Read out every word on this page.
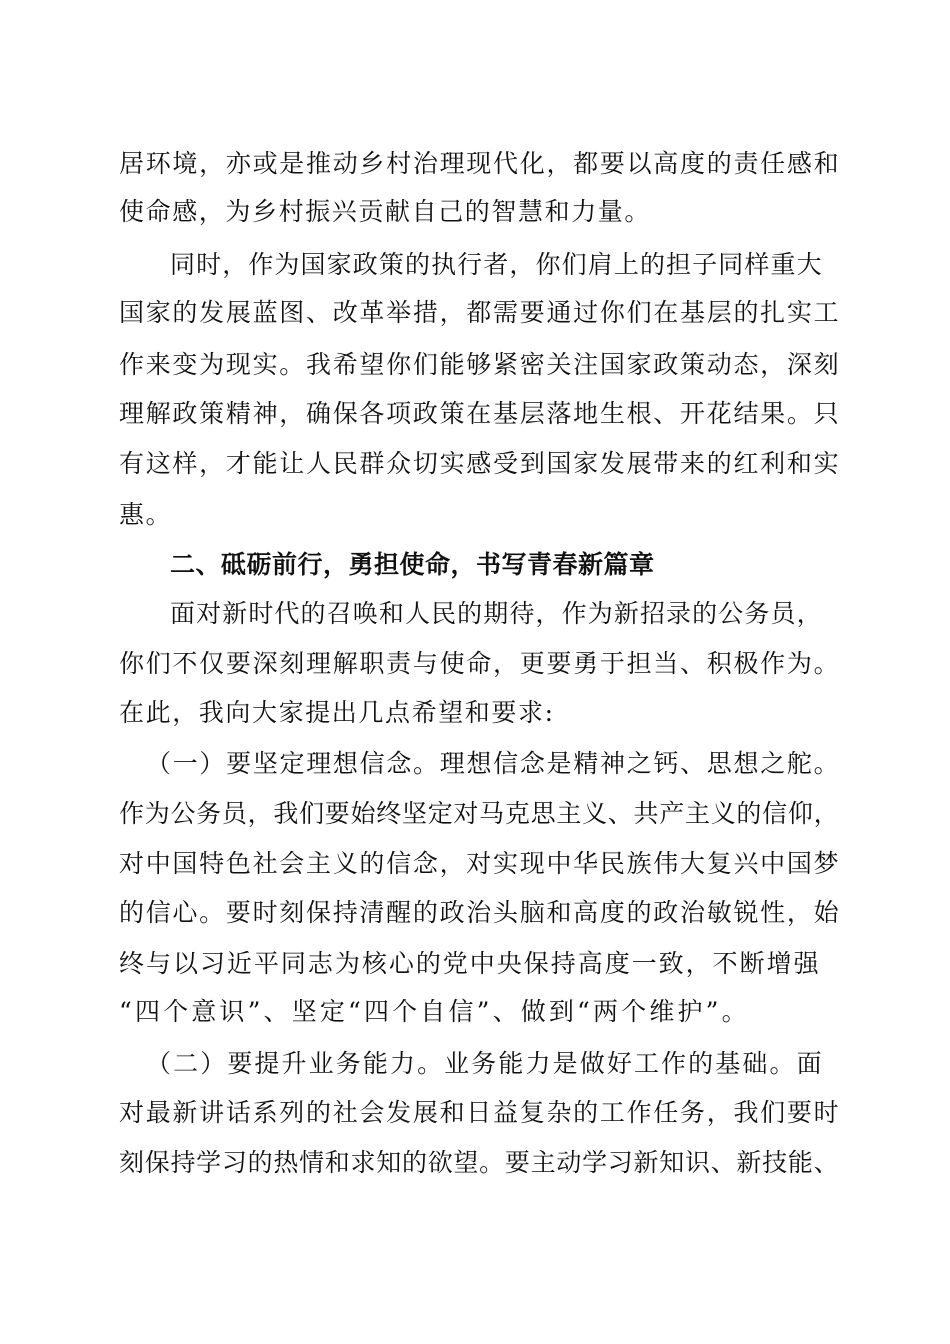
居环境，亦或是推动乡村治理现代化，都要以高度的责任感和
使命感，为乡村振兴贡献自己的智慧和力量。
同时，作为国家政策的执行者，你们肩上的担子同样重大
国家的发展蓝图、改革举措，都需要通过你们在基层的扎实工
作来变为现实。我希望你们能够紧密关注国家政策动态，深刻
理解政策精神，确保各项政策在基层落地生根、开花结果。只
有这样，才能让人民群众切实感受到国家发展带来的红利和实
惠。
二、砥砺前行，勇担使命，书写青春新篇章
面对新时代的召唤和人民的期待，作为新招录的公务员，
你们不仅要深刻理解职责与使命，更要勇于担当、积极作为。
在此，我向大家提出几点希望和要求:
（一）要坚定理想信念。理想信念是精神之钙、思想之舵。
作为公务员，我们要始终坚定对马克思主义、共产主义的信仰，
对中国特色社会主义的信念，对实现中华民族伟大复兴中国梦
的信心。要时刻保持清醒的政治头脑和高度的政治敏锐性，始
终与以习近平同志为核心的党中央保持高度一致，不断增强
“四个意识”、坚定“四个自信”、做到“两个维护”。
（二）要提升业务能力。业务能力是做好工作的基础。面
对最新讲话系列的社会发展和日益复杂的工作任务，我们要时
刻保持学习的热情和求知的欲望。要主动学习新知识、新技能、
